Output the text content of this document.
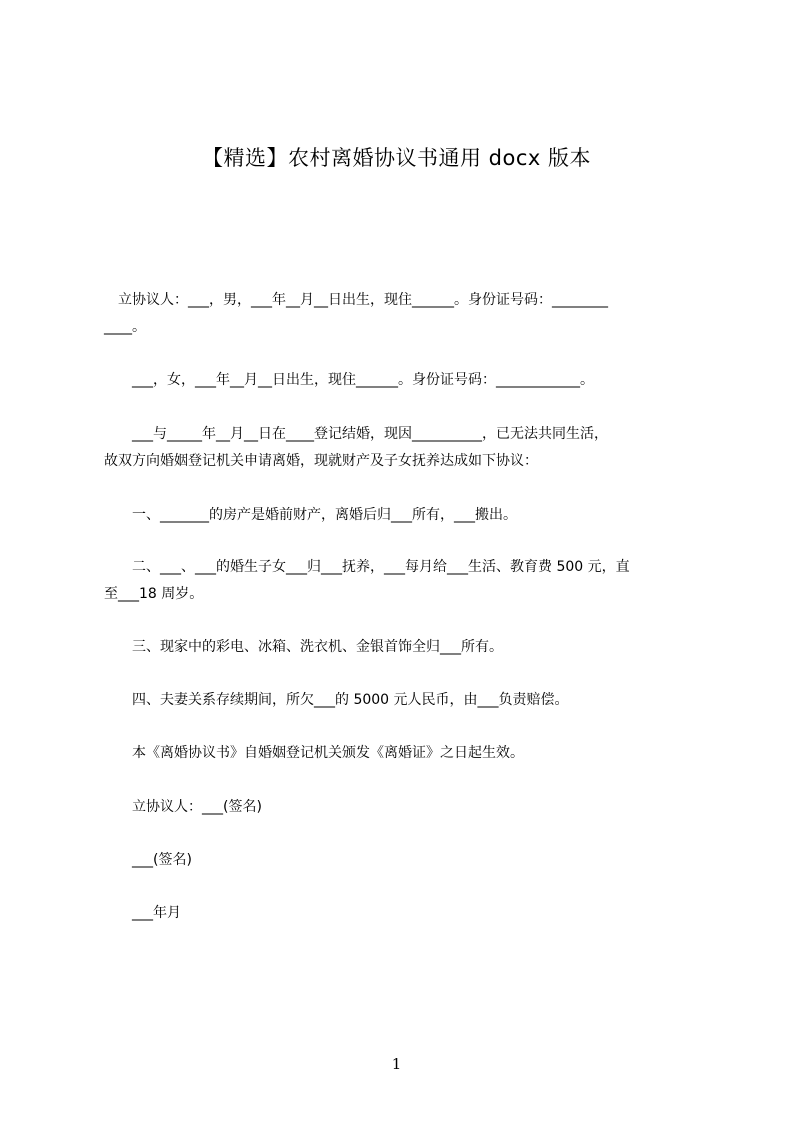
【精选】农村离婚协议书通用 docx 版本
　立协议人：___，男，___年__月__日出生，现住______。身份证号码：________
____。
　　___，女，___年__月__日出生，现住______。身份证号码：____________。
　　___与_____年__月__日在____登记结婚，现因__________，已无法共同生活，
故双方向婚姻登记机关申请离婚，现就财产及子女抚养达成如下协议：
　　一、_______的房产是婚前财产，离婚后归___所有，___搬出。
　　二、___、___的婚生子女___归___抚养，___每月给___生活、教育费 500 元，直
至___18 周岁。
　　三、现家中的彩电、冰箱、洗衣机、金银首饰全归___所有。
　　四、夫妻关系存续期间，所欠___的 5000 元人民币，由___负责赔偿。
　　本《离婚协议书》自婚姻登记机关颁发《离婚证》之日起生效。
　　立协议人：___(签名)
　　___(签名)
　　___年月
1
